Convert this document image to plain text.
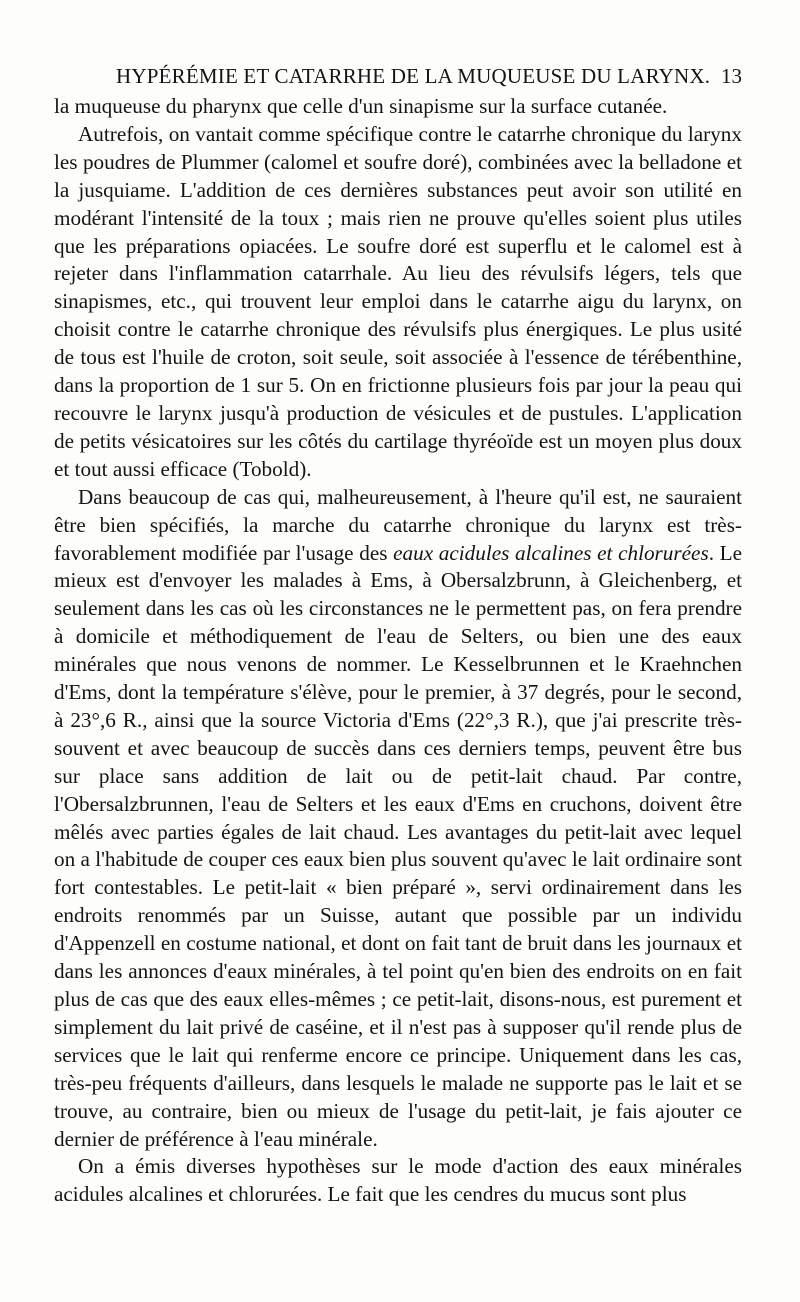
HYPÉRÉMIE ET CATARRHE DE LA MUQUEUSE DU LARYNX. 13

la muqueuse du pharynx que celle d'un sinapisme sur la surface cutanée.

Autrefois, on vantait comme spécifique contre le catarrhe chronique du larynx les poudres de Plummer (calomel et soufre doré), combinées avec la belladone et la jusquiame. L'addition de ces dernières substances peut avoir son utilité en modérant l'intensité de la toux ; mais rien ne prouve qu'elles soient plus utiles que les préparations opiacées. Le soufre doré est superflu et le calomel est à rejeter dans l'inflammation catarrhale. Au lieu des révulsifs légers, tels que sinapismes, etc., qui trouvent leur emploi dans le catarrhe aigu du larynx, on choisit contre le catarrhe chronique des révulsifs plus énergiques. Le plus usité de tous est l'huile de croton, soit seule, soit associée à l'essence de térébenthine, dans la proportion de 1 sur 5. On en frictionne plusieurs fois par jour la peau qui recouvre le larynx jusqu'à production de vésicules et de pustules. L'application de petits vésicatoires sur les côtés du cartilage thyréoïde est un moyen plus doux et tout aussi efficace (Tobold).

Dans beaucoup de cas qui, malheureusement, à l'heure qu'il est, ne sauraient être bien spécifiés, la marche du catarrhe chronique du larynx est très-favorablement modifiée par l'usage des eaux acidules alcalines et chlorurées. Le mieux est d'envoyer les malades à Ems, à Obersalzbrunn, à Gleichenberg, et seulement dans les cas où les circonstances ne le permettent pas, on fera prendre à domicile et méthodiquement de l'eau de Selters, ou bien une des eaux minérales que nous venons de nommer. Le Kesselbrunnen et le Kraehnchen d'Ems, dont la température s'élève, pour le premier, à 37 degrés, pour le second, à 23°,6 R., ainsi que la source Victoria d'Ems (22°,3 R.), que j'ai prescrite très-souvent et avec beaucoup de succès dans ces derniers temps, peuvent être bus sur place sans addition de lait ou de petit-lait chaud. Par contre, l'Obersalzbrunnen, l'eau de Selters et les eaux d'Ems en cruchons, doivent être mêlés avec parties égales de lait chaud. Les avantages du petit-lait avec lequel on a l'habitude de couper ces eaux bien plus souvent qu'avec le lait ordinaire sont fort contestables. Le petit-lait « bien préparé », servi ordinairement dans les endroits renommés par un Suisse, autant que possible par un individu d'Appenzell en costume national, et dont on fait tant de bruit dans les journaux et dans les annonces d'eaux minérales, à tel point qu'en bien des endroits on en fait plus de cas que des eaux elles-mêmes ; ce petit-lait, disons-nous, est purement et simplement du lait privé de caséine, et il n'est pas à supposer qu'il rende plus de services que le lait qui renferme encore ce principe. Uniquement dans les cas, très-peu fréquents d'ailleurs, dans lesquels le malade ne supporte pas le lait et se trouve, au contraire, bien ou mieux de l'usage du petit-lait, je fais ajouter ce dernier de préférence à l'eau minérale.

On a émis diverses hypothèses sur le mode d'action des eaux minérales acidules alcalines et chlorurées. Le fait que les cendres du mucus sont plus
